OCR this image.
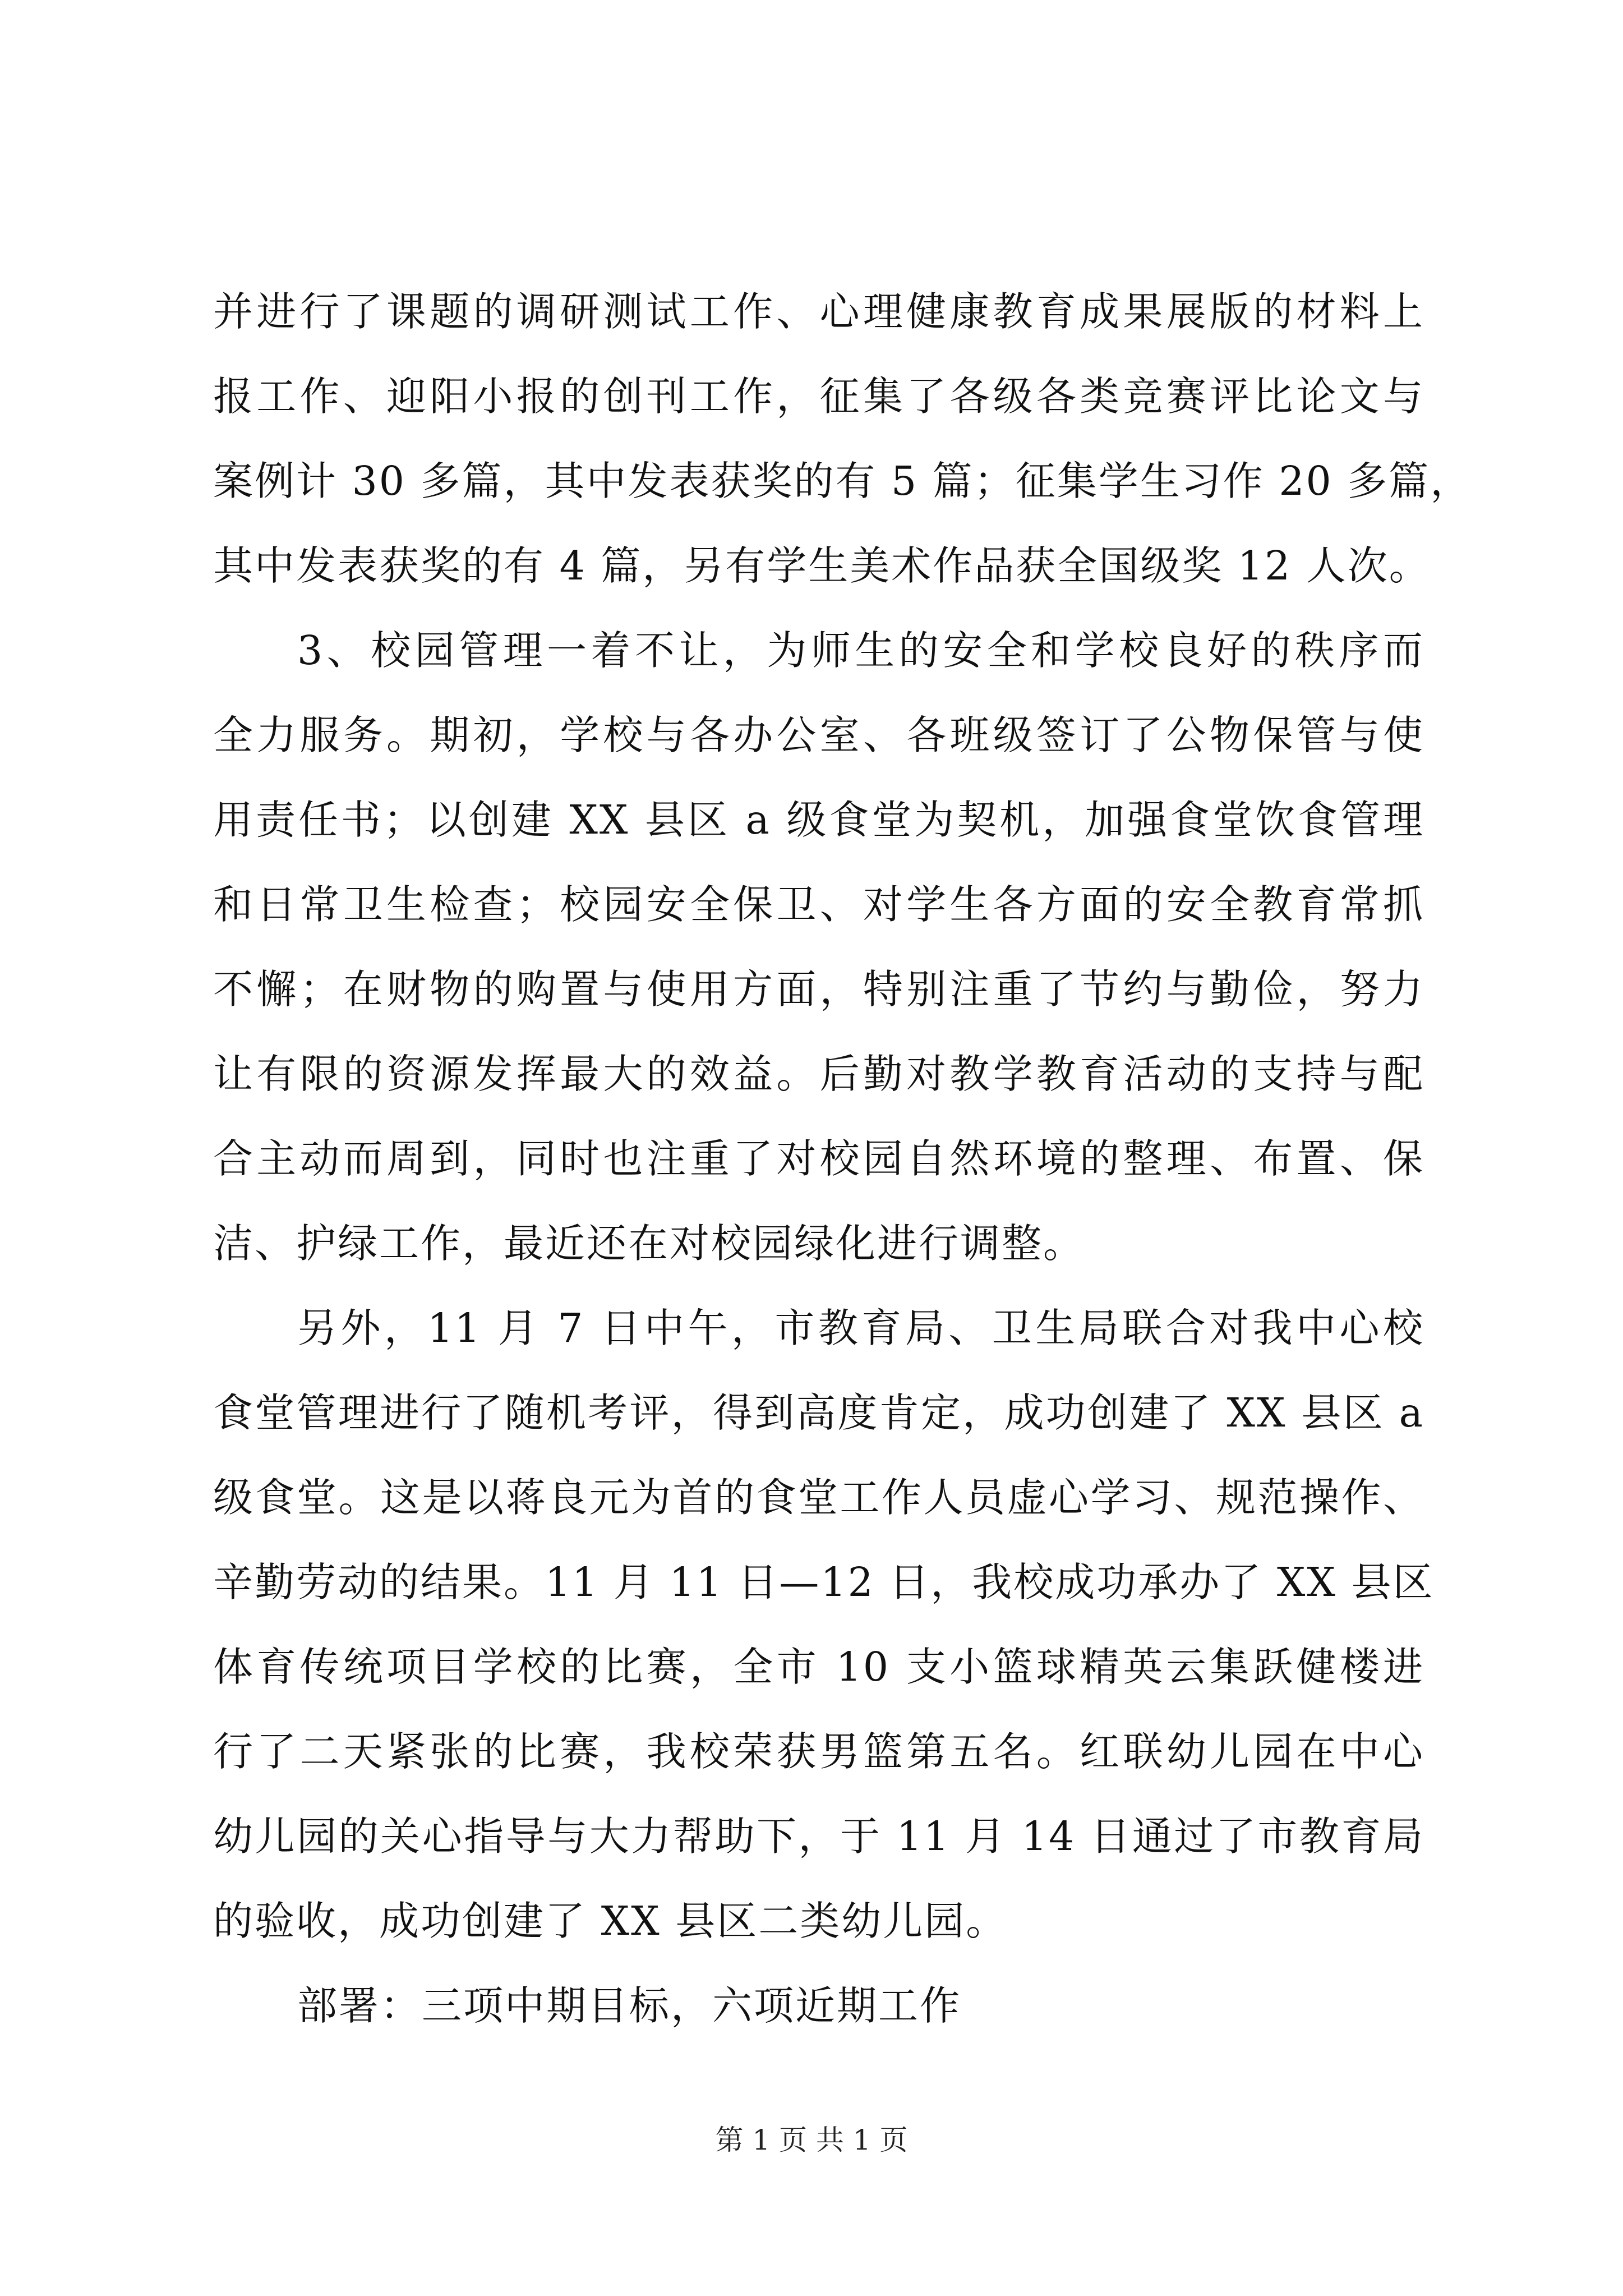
并进行了课题的调研测试工作、心理健康教育成果展版的材料上
报工作、迎阳小报的创刊工作，征集了各级各类竞赛评比论文与
案例计 30 多篇，其中发表获奖的有 5 篇；征集学生习作 20 多篇，
其中发表获奖的有 4 篇，另有学生美术作品获全国级奖 12 人次。
3、校园管理一着不让，为师生的安全和学校良好的秩序而
全力服务。期初，学校与各办公室、各班级签订了公物保管与使
用责任书；以创建 XX 县区 a 级食堂为契机，加强食堂饮食管理
和日常卫生检查；校园安全保卫、对学生各方面的安全教育常抓
不懈；在财物的购置与使用方面，特别注重了节约与勤俭，努力
让有限的资源发挥最大的效益。后勤对教学教育活动的支持与配
合主动而周到，同时也注重了对校园自然环境的整理、布置、保
洁、护绿工作，最近还在对校园绿化进行调整。
另外，11 月 7 日中午，市教育局、卫生局联合对我中心校
食堂管理进行了随机考评，得到高度肯定，成功创建了 XX 县区 a
级食堂。这是以蒋良元为首的食堂工作人员虚心学习、规范操作、
辛勤劳动的结果。11 月 11 日—12 日，我校成功承办了 XX 县区
体育传统项目学校的比赛，全市 10 支小篮球精英云集跃健楼进
行了二天紧张的比赛，我校荣获男篮第五名。红联幼儿园在中心
幼儿园的关心指导与大力帮助下，于 11 月 14 日通过了市教育局
的验收，成功创建了 XX 县区二类幼儿园。
部署：三项中期目标，六项近期工作
第 1 页 共 1 页
